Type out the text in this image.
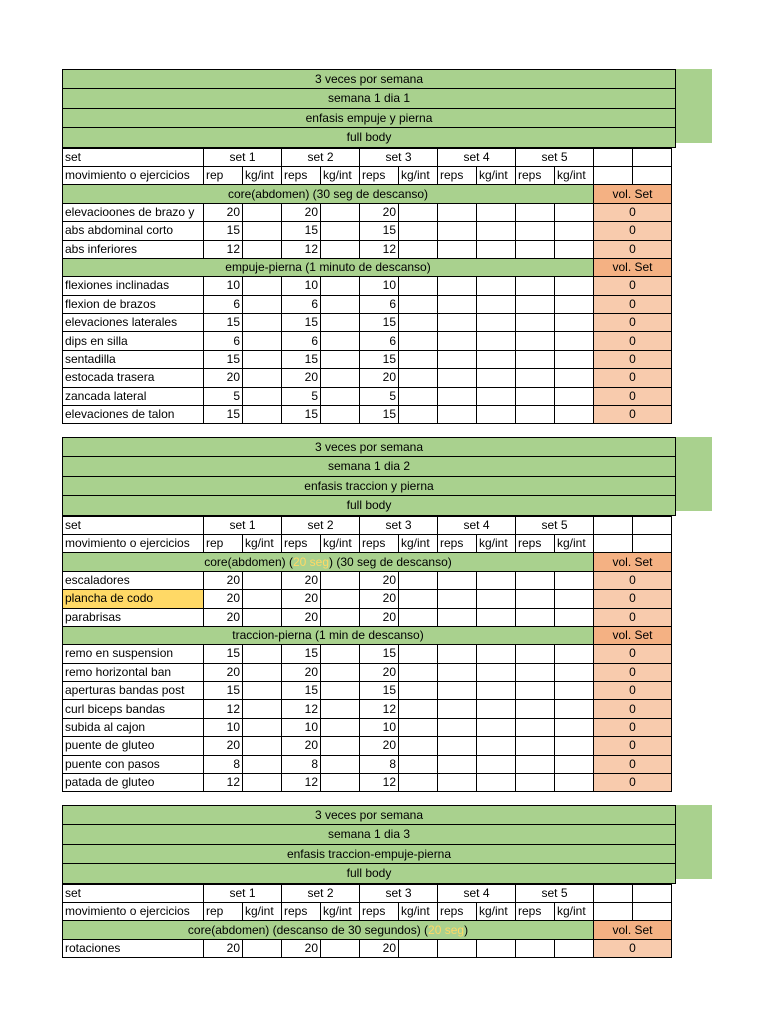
3 veces por semana
semana 1 dia 1
enfasis empuje y pierna
full body
set	set 1		set 2		set 3		set 4		set 5			
movimiento o ejercicios	rep	kg/int	reps	kg/int	reps	kg/int	reps	kg/int	reps	kg/int		
core(abdomen) (30 seg de descanso)											vol. Set	
elevacioones de brazo y	20		20		20						0	
abs abdominal corto	15		15		15						0	
abs inferiores	12		12		12						0	
empuje-pierna (1 minuto de descanso)											vol. Set	
flexiones inclinadas	10		10		10						0	
flexion de brazos	6		6		6						0	
elevaciones laterales	15		15		15						0	
dips en silla	6		6		6						0	
sentadilla	15		15		15						0	
estocada trasera	20		20		20						0	
zancada lateral	5		5		5						0	
elevaciones de talon	15		15		15						0	
3 veces por semana
semana 1 dia 2
enfasis traccion y pierna
full body
set	set 1		set 2		set 3		set 4		set 5			
movimiento o ejercicios	rep	kg/int	reps	kg/int	reps	kg/int	reps	kg/int	reps	kg/int		
core(abdomen) (20 seg) (30 seg de descanso)											vol. Set	
escaladores	20		20		20						0	
plancha de codo	20		20		20						0	
parabrisas	20		20		20						0	
traccion-pierna (1 min de descanso)											vol. Set	
remo en suspension	15		15		15						0	
remo horizontal ban	20		20		20						0	
aperturas bandas post	15		15		15						0	
curl biceps bandas	12		12		12						0	
subida al cajon	10		10		10						0	
puente de gluteo	20		20		20						0	
puente con pasos	8		8		8						0	
patada de gluteo	12		12		12						0	
3 veces por semana
semana 1 dia 3
enfasis traccion-empuje-pierna
full body
set	set 1		set 2		set 3		set 4		set 5			
movimiento o ejercicios	rep	kg/int	reps	kg/int	reps	kg/int	reps	kg/int	reps	kg/int		
core(abdomen) (descanso de 30 segundos) (20 seg)											vol. Set	
rotaciones	20		20		20						0	
